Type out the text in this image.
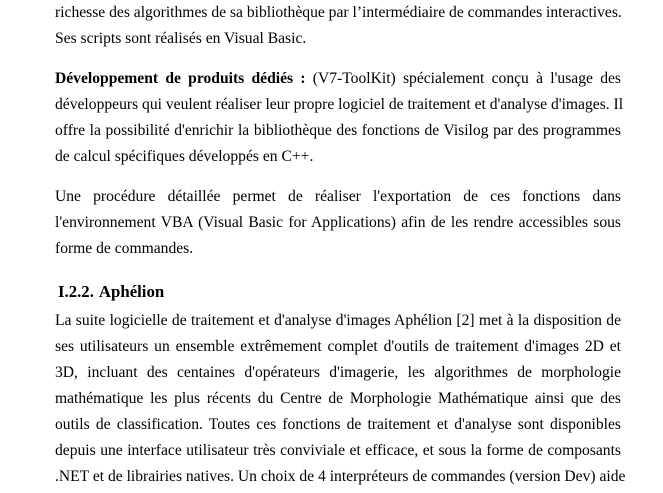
richesse des algorithmes de sa bibliothèque par l’intermédiaire de commandes interactives.
Ses scripts sont réalisés en Visual Basic.
Développement de produits dédiés : (V7-ToolKit) spécialement conçu à l'usage des
développeurs qui veulent réaliser leur propre logiciel de traitement et d'analyse d'images. Il
offre la possibilité d'enrichir la bibliothèque des fonctions de Visilog par des programmes
de calcul spécifiques développés en C++.
Une procédure détaillée permet de réaliser l'exportation de ces fonctions dans
l'environnement VBA (Visual Basic for Applications) afin de les rendre accessibles sous
forme de commandes.
I.2.2. Aphélion
La suite logicielle de traitement et d'analyse d'images Aphélion [2] met à la disposition de
ses utilisateurs un ensemble extrêmement complet d'outils de traitement d'images 2D et
3D, incluant des centaines d'opérateurs d'imagerie, les algorithmes de morphologie
mathématique les plus récents du Centre de Morphologie Mathématique ainsi que des
outils de classification. Toutes ces fonctions de traitement et d'analyse sont disponibles
depuis une interface utilisateur très conviviale et efficace, et sous la forme de composants
.NET et de librairies natives. Un choix de 4 interpréteurs de commandes (version Dev) aide
